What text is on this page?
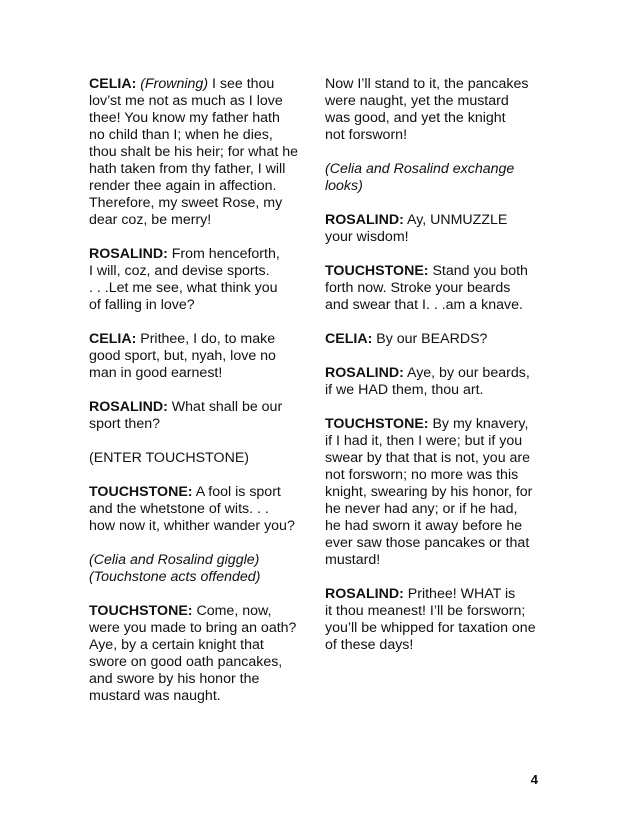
CELIA: (Frowning) I see thou
lov’st me not as much as I love
thee! You know my father hath
no child than I; when he dies,
thou shalt be his heir; for what he
hath taken from thy father, I will
render thee again in affection.
Therefore, my sweet Rose, my
dear coz, be merry!

ROSALIND: From henceforth,
I will, coz, and devise sports.
. . .Let me see, what think you
of falling in love?

CELIA: Prithee, I do, to make
good sport, but, nyah, love no
man in good earnest!

ROSALIND: What shall be our
sport then?

(ENTER TOUCHSTONE)

TOUCHSTONE: A fool is sport
and the whetstone of wits. . .
how now it, whither wander you?

(Celia and Rosalind giggle)
(Touchstone acts offended)

TOUCHSTONE: Come, now,
were you made to bring an oath?
Aye, by a certain knight that
swore on good oath pancakes,
and swore by his honor the
mustard was naught.

Now I’ll stand to it, the pancakes
were naught, yet the mustard
was good, and yet the knight
not forsworn!

(Celia and Rosalind exchange
looks)

ROSALIND: Ay, UNMUZZLE
your wisdom!

TOUCHSTONE: Stand you both
forth now. Stroke your beards
and swear that I. . .am a knave.

CELIA: By our BEARDS?

ROSALIND: Aye, by our beards,
if we HAD them, thou art.

TOUCHSTONE: By my knavery,
if I had it, then I were; but if you
swear by that that is not, you are
not forsworn; no more was this
knight, swearing by his honor, for
he never had any; or if he had,
he had sworn it away before he
ever saw those pancakes or that
mustard!

ROSALIND: Prithee! WHAT is
it thou meanest! I’ll be forsworn;
you’ll be whipped for taxation one
of these days!

4
